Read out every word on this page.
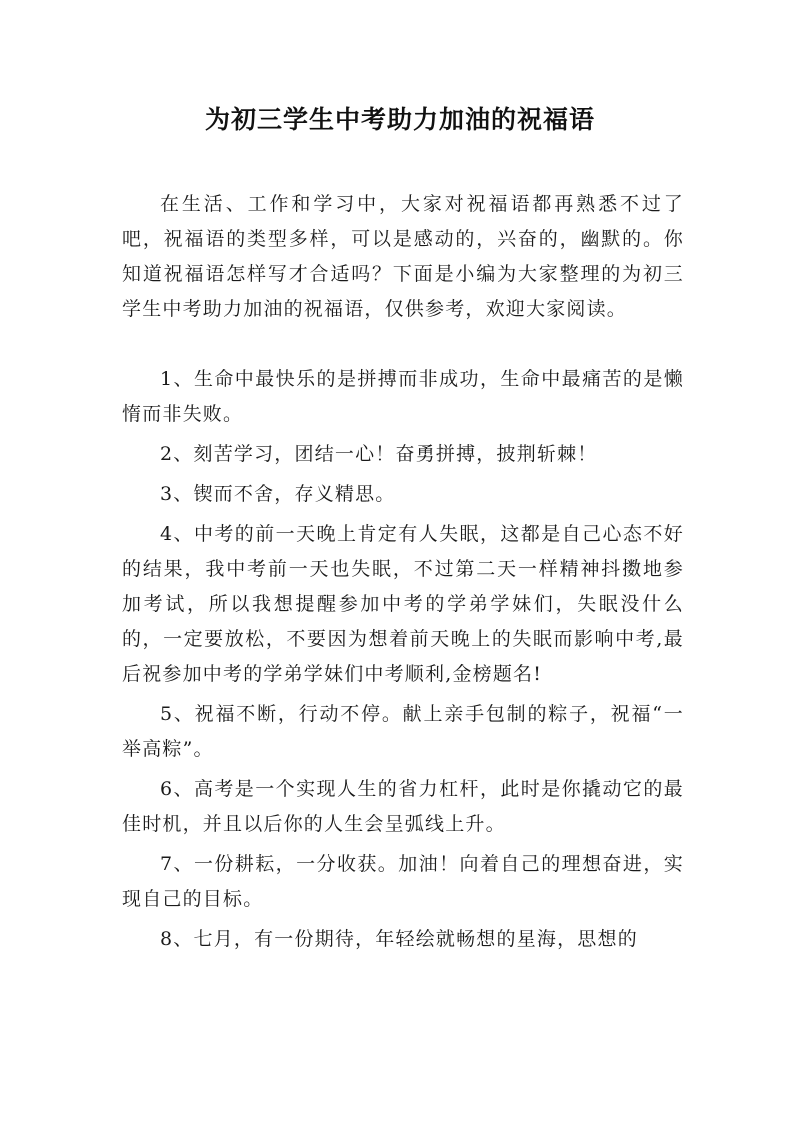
为初三学生中考助力加油的祝福语

在生活、工作和学习中，大家对祝福语都再熟悉不过了吧，祝福语的类型多样，可以是感动的，兴奋的，幽默的。你知道祝福语怎样写才合适吗？下面是小编为大家整理的为初三学生中考助力加油的祝福语，仅供参考，欢迎大家阅读。

1、生命中最快乐的是拼搏而非成功，生命中最痛苦的是懒惰而非失败。

2、刻苦学习，团结一心！奋勇拼搏，披荆斩棘！

3、锲而不舍，存义精思。

4、中考的前一天晚上肯定有人失眠，这都是自己心态不好的结果，我中考前一天也失眠，不过第二天一样精神抖擞地参加考试，所以我想提醒参加中考的学弟学妹们，失眠没什么的，一定要放松，不要因为想着前天晚上的失眠而影响中考,最后祝参加中考的学弟学妹们中考顺利,金榜题名!

5、祝福不断，行动不停。献上亲手包制的粽子，祝福“一举高粽”。

6、高考是一个实现人生的省力杠杆，此时是你撬动它的最佳时机，并且以后你的人生会呈弧线上升。

7、一份耕耘，一分收获。加油！向着自己的理想奋进，实现自己的目标。

8、七月，有一份期待，年轻绘就畅想的星海，思想的
